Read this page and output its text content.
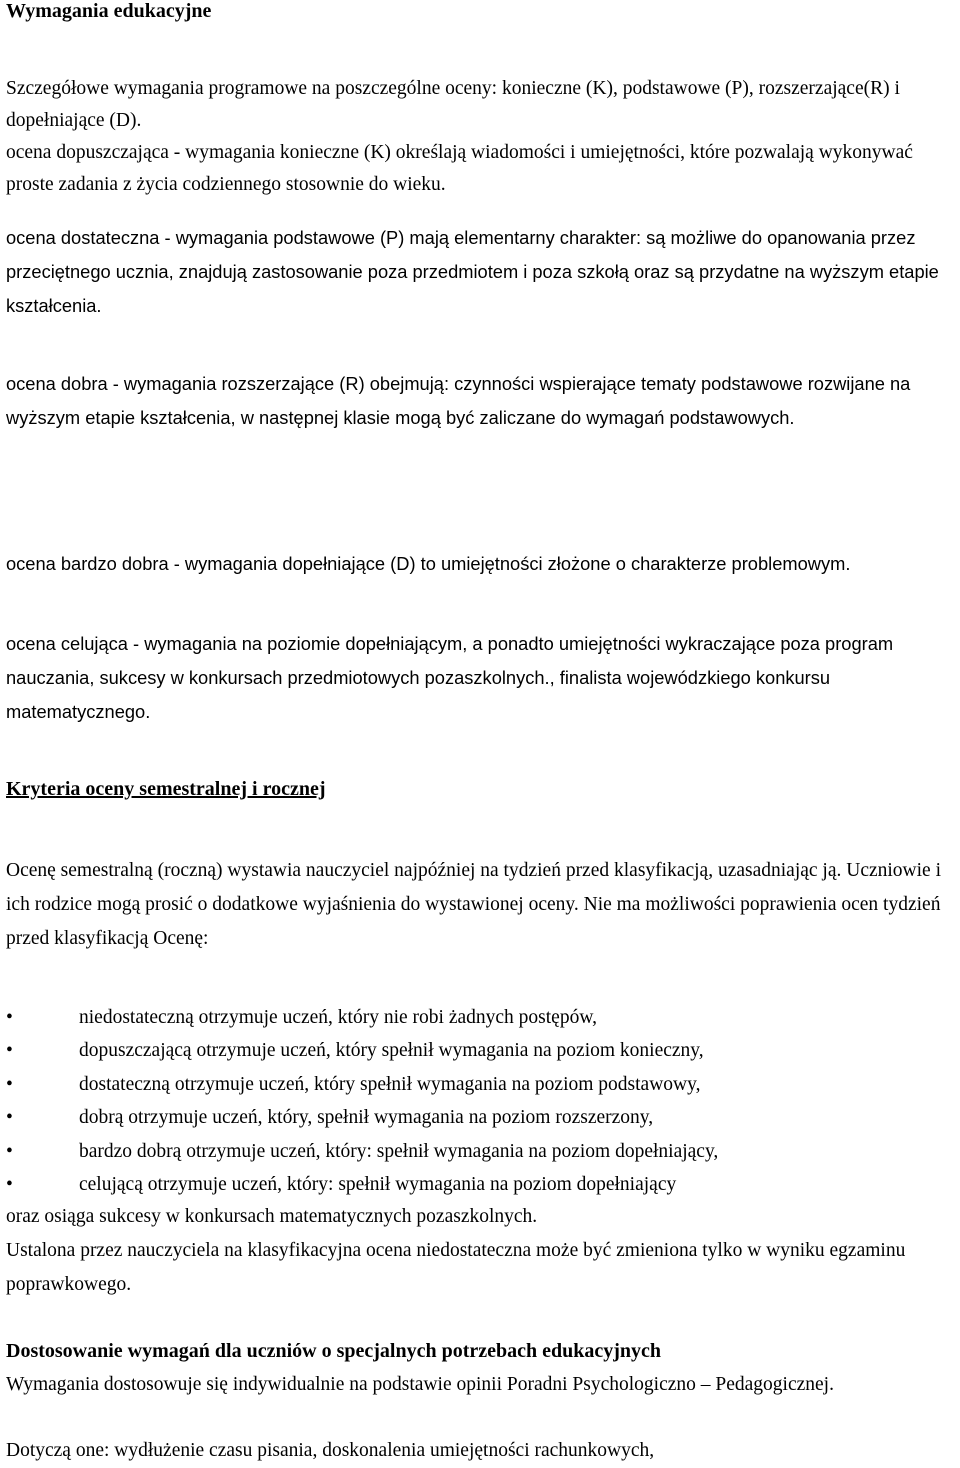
Wymagania edukacyjne

Szczegółowe wymagania programowe na poszczególne oceny: konieczne (K), podstawowe (P), rozszerzające(R) i dopełniające (D).

ocena dopuszczająca - wymagania konieczne (K) określają wiadomości i umiejętności, które pozwalają wykonywać proste zadania z życia codziennego stosownie do wieku.

ocena dostateczna - wymagania podstawowe (P) mają elementarny charakter: są możliwe do opanowania przez przeciętnego ucznia, znajdują zastosowanie poza przedmiotem i poza szkołą oraz są przydatne na wyższym etapie kształcenia.

ocena dobra - wymagania rozszerzające (R) obejmują: czynności wspierające tematy podstawowe rozwijane na wyższym etapie kształcenia, w następnej klasie mogą być zaliczane do wymagań podstawowych.

ocena bardzo dobra - wymagania dopełniające (D) to umiejętności złożone o charakterze problemowym.

ocena celująca - wymagania na poziomie dopełniającym, a ponadto umiejętności wykraczające poza program nauczania, sukcesy w konkursach przedmiotowych pozaszkolnych., finalista wojewódzkiego konkursu matematycznego.

Kryteria oceny semestralnej i rocznej

Ocenę semestralną (roczną) wystawia nauczyciel najpóźniej na tydzień przed klasyfikacją, uzasadniając ją. Uczniowie i ich rodzice mogą prosić o dodatkowe wyjaśnienia do wystawionej oceny. Nie ma możliwości poprawienia ocen tydzień przed klasyfikacją Ocenę:

•	niedostateczną otrzymuje uczeń, który nie robi żadnych postępów,
•	dopuszczającą otrzymuje uczeń, który spełnił wymagania na poziom konieczny,
•	dostateczną otrzymuje uczeń, który spełnił wymagania na poziom podstawowy,
•	dobrą otrzymuje uczeń, który, spełnił wymagania na poziom rozszerzony,
•	bardzo dobrą otrzymuje uczeń, który: spełnił wymagania na poziom dopełniający,
•	celującą otrzymuje uczeń, który: spełnił wymagania na poziom dopełniający

oraz osiąga sukcesy w konkursach matematycznych pozaszkolnych.

Ustalona przez nauczyciela na klasyfikacyjna ocena niedostateczna może być zmieniona tylko w wyniku egzaminu poprawkowego.

Dostosowanie wymagań dla uczniów o specjalnych potrzebach edukacyjnych

Wymagania dostosowuje się indywidualnie na podstawie opinii Poradni Psychologiczno – Pedagogicznej.

Dotyczą one: wydłużenie czasu pisania, doskonalenia umiejętności rachunkowych,
